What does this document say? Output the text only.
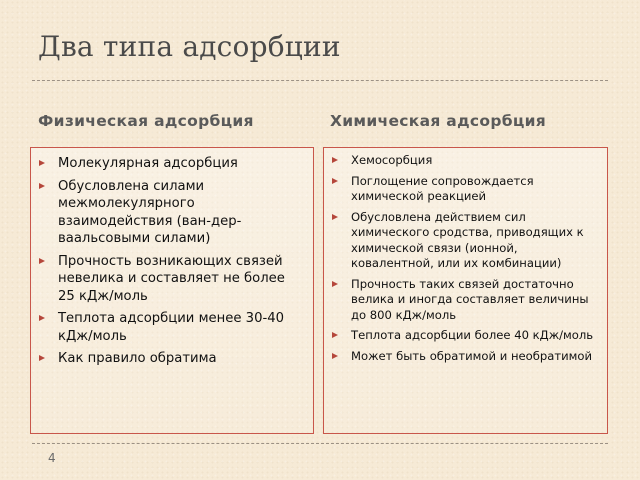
Два типа адсорбции
Физическая адсорбция	Химическая адсорбция
Молекулярная адсорбция
Обусловлена силами межмолекулярного взаимодействия (ван-дер-ваальсовыми силами)
Прочность возникающих связей невелика и составляет не более 25 кДж/моль
Теплота адсорбции менее 30-40 кДж/моль
Как правило обратима
Хемосорбция
Поглощение сопровождается химической реакцией
Обусловлена действием сил химического сродства, приводящих к химической связи (ионной, ковалентной, или их комбинации)
Прочность таких связей достаточно велика и иногда составляет величины до 800 кДж/моль
Теплота адсорбции более 40 кДж/моль
Может быть обратимой и необратимой
4
